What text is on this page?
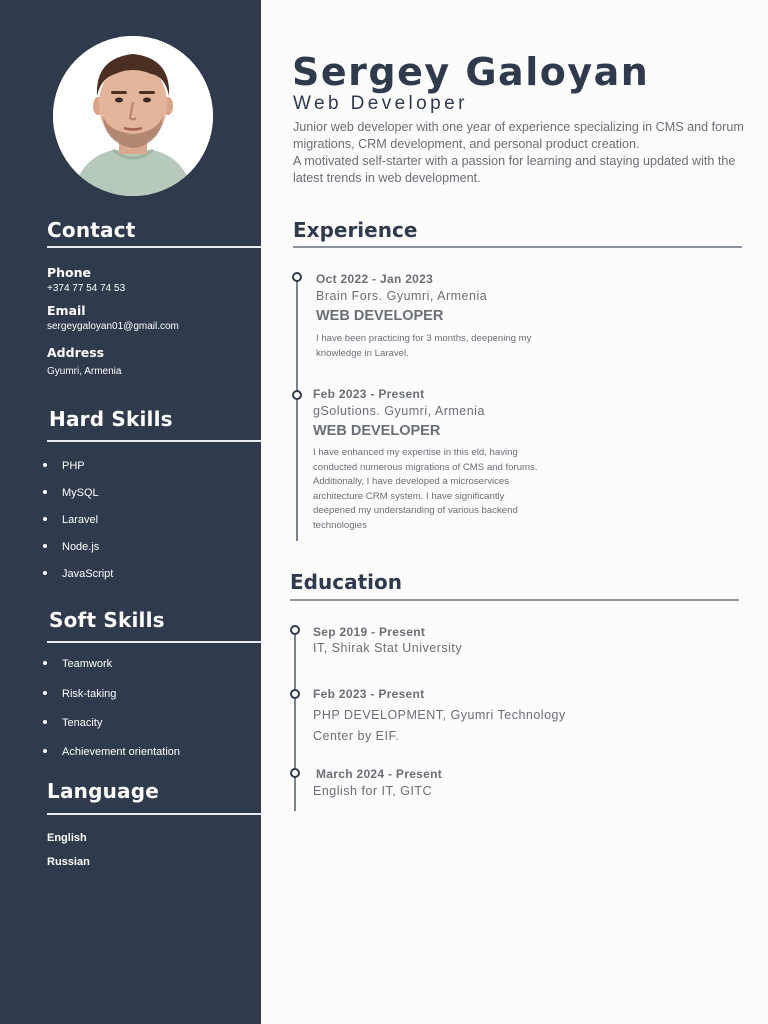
Contact
Phone
+374 77 54 74 53
Email
sergeygaloyan01@gmail.com
Address
Gyumri, Armenia
Hard Skills
PHP
MySQL
Laravel
Node.js
JavaScript
Soft Skills
Teamwork
Risk-taking
Tenacity
Achievement orientation
Language
English
Russian
Sergey Galoyan
Web Developer

Junior web developer with one year of experience specializing in CMS and forum migrations, CRM development, and personal product creation.

A motivated self-starter with a passion for learning and staying updated with the latest trends in web development.

Experience
Oct 2022 - Jan 2023
Brain Fors. Gyumri, Armenia
WEB DEVELOPER
I have been practicing for 3 months, deepening my knowledge in Laravel.
Feb 2023 - Present
gSolutions. Gyumri, Armenia
WEB DEVELOPER
I have enhanced my expertise in this eld, having conducted numerous migrations of CMS and forums. Additionally, I have developed a microservices architecture CRM system. I have significantly deepened my understanding of various backend technologies
Education
Sep 2019 - Present
IT, Shirak Stat University
Feb 2023 - Present
PHP DEVELOPMENT, Gyumri Technology Center by EIF.
March 2024 - Present
English for IT, GITC
